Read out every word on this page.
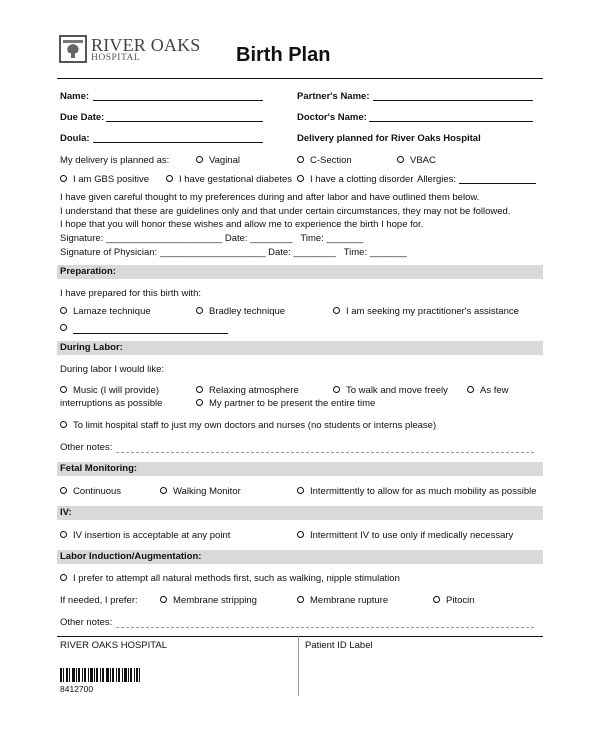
RIVER OAKS
HOSPITAL	Birth Plan
Name:	Partner's Name:
Due Date:	Doctor's Name:
Doula:	Delivery planned for River Oaks Hospital
My delivery is planned as:	Vaginal	C-Section	VBAC
I am GBS positive	I have gestational diabetes	I have a clotting disorder Allergies:
I have given careful thought to my preferences during and after labor and have outlined them below.
I understand that these are guidelines only and that under certain circumstances, they may not be followed.
I hope that you will honor these wishes and allow me to experience the birth I hope for.
Signature: ______________________ Date: ________ Time: _______
Signature of Physician: ____________________ Date: ________ Time: _______
Preparation:
I have prepared for this birth with:
Lamaze technique	Bradley technique	I am seeking my practitioner's assistance
During Labor:
During labor I would like:
Music (I will provide)	Relaxing atmosphere	To walk and move freely	As few
interruptions as possible	My partner to be present the entire time
To limit hospital staff to just my own doctors and nurses (no students or interns please)
Other notes:
Fetal Monitoring:
Continuous	Walking Monitor	Intermittently to allow for as much mobility as possible
IV:
IV insertion is acceptable at any point	Intermittent IV to use only if medically necessary
Labor Induction/Augmentation:
I prefer to attempt all natural methods first, such as walking, nipple stimulation
If needed, I prefer:	Membrane stripping	Membrane rupture	Pitocin
Other notes:
RIVER OAKS HOSPITAL	Patient ID Label
8412700
